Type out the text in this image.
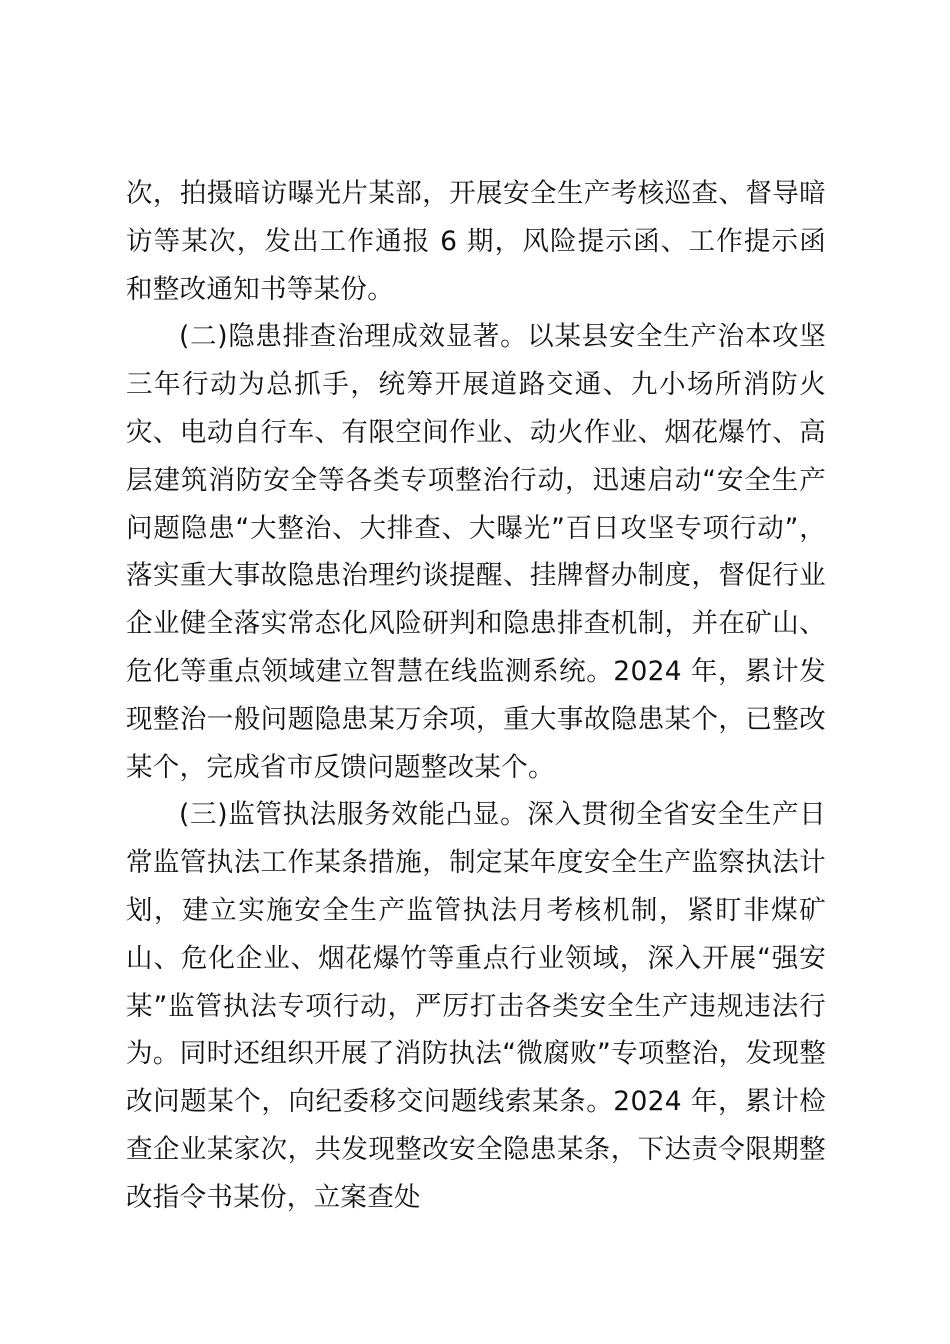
次，拍摄暗访曝光片某部，开展安全生产考核巡查、督导暗访等某次，发出工作通报 6 期，风险提示函、工作提示函和整改通知书等某份。

(二)隐患排查治理成效显著。以某县安全生产治本攻坚三年行动为总抓手，统筹开展道路交通、九小场所消防火灾、电动自行车、有限空间作业、动火作业、烟花爆竹、高层建筑消防安全等各类专项整治行动，迅速启动“安全生产问题隐患“大整治、大排查、大曝光”百日攻坚专项行动”，落实重大事故隐患治理约谈提醒、挂牌督办制度，督促行业企业健全落实常态化风险研判和隐患排查机制，并在矿山、危化等重点领域建立智慧在线监测系统。2024 年，累计发现整治一般问题隐患某万余项，重大事故隐患某个，已整改某个，完成省市反馈问题整改某个。

(三)监管执法服务效能凸显。深入贯彻全省安全生产日常监管执法工作某条措施，制定某年度安全生产监察执法计划，建立实施安全生产监管执法月考核机制，紧盯非煤矿山、危化企业、烟花爆竹等重点行业领域，深入开展“强安某”监管执法专项行动，严厉打击各类安全生产违规违法行为。同时还组织开展了消防执法“微腐败”专项整治，发现整改问题某个，向纪委移交问题线索某条。2024 年，累计检查企业某家次，共发现整改安全隐患某条，下达责令限期整改指令书某份，立案查处
